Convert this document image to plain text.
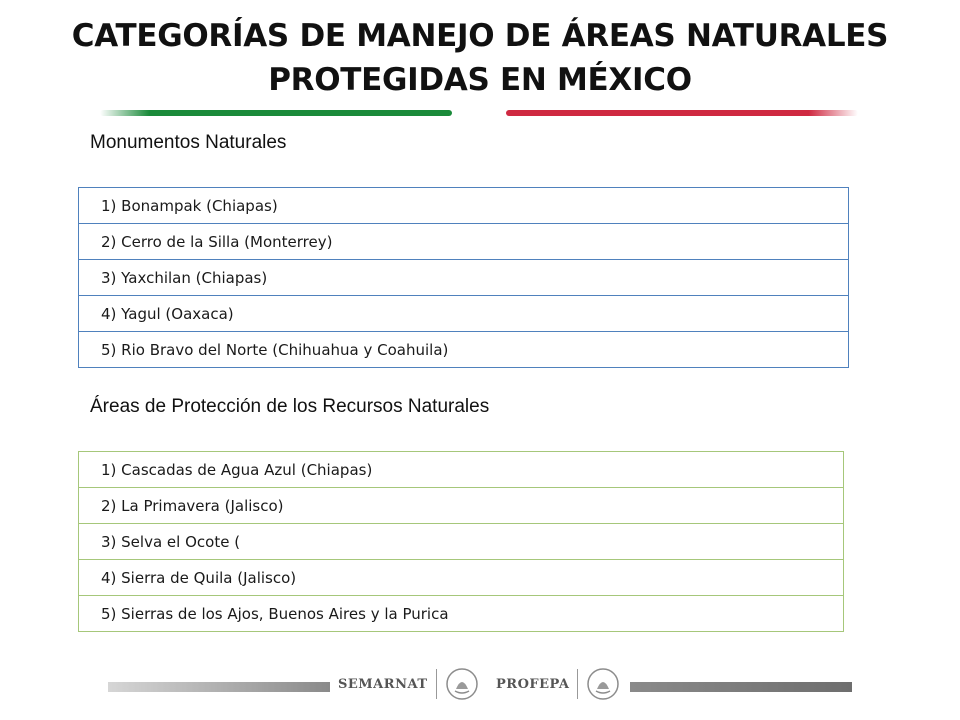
CATEGORÍAS DE MANEJO DE ÁREAS NATURALES
PROTEGIDAS EN MÉXICO
Monumentos Naturales
1) Bonampak (Chiapas)
2) Cerro de la Silla (Monterrey)
3) Yaxchilan (Chiapas)
4) Yagul (Oaxaca)
5) Rio Bravo del Norte (Chihuahua y Coahuila)
Áreas de Protección de los Recursos Naturales
1) Cascadas de Agua Azul (Chiapas)
2) La Primavera (Jalisco)
3) Selva el Ocote (
4) Sierra de Quila (Jalisco)
5) Sierras de los Ajos, Buenos Aires y la Purica
SEMARNAT	PROFEPA
